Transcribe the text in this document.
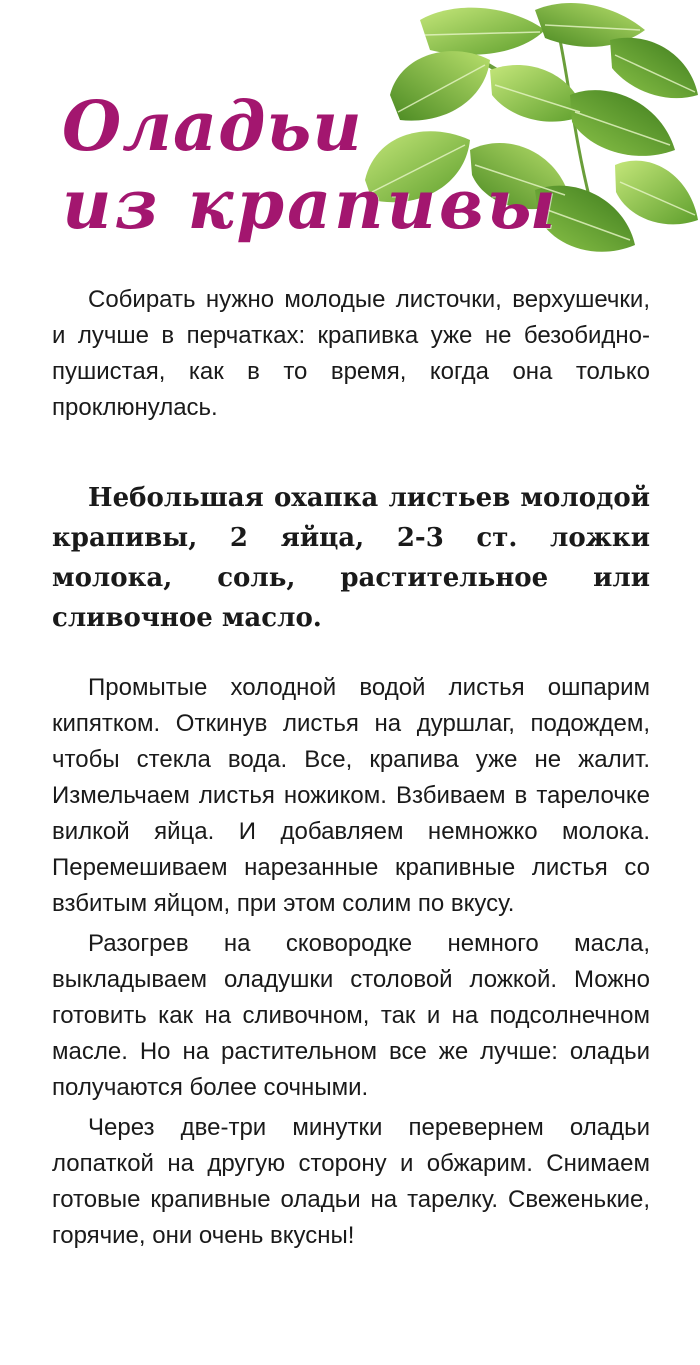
Оладьи
из крапивы

Собирать нужно молодые листочки, верхушечки, и лучше в перчатках: крапивка уже не безобидно-пушистая, как в то время, когда она только проклюнулась.

Небольшая охапка листьев молодой крапивы, 2 яйца, 2-3 ст. ложки молока, соль, растительное или сливочное масло.

Промытые холодной водой листья ошпарим кипятком. Откинув листья на дуршлаг, подождем, чтобы стекла вода. Все, крапива уже не жалит. Измельчаем листья ножиком. Взбиваем в тарелочке вилкой яйца. И добавляем немножко молока. Перемешиваем нарезанные крапивные листья со взбитым яйцом, при этом солим по вкусу.

Разогрев на сковородке немного масла, выкладываем оладушки столовой ложкой. Можно готовить как на сливочном, так и на подсолнечном масле. Но на растительном все же лучше: оладьи получаются более сочными.

Через две-три минутки перевернем оладьи лопаткой на другую сторону и обжарим. Снимаем готовые крапивные оладьи на тарелку. Свеженькие, горячие, они очень вкусны!
